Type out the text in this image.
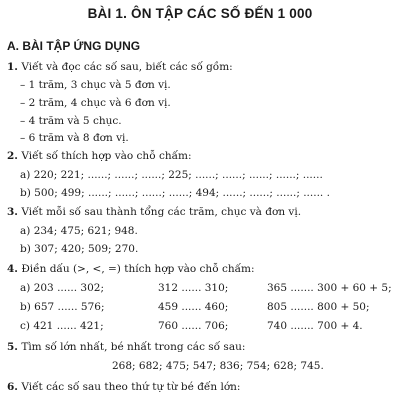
BÀI 1. ÔN TẬP CÁC SỐ ĐẾN 1 000
A. BÀI TẬP ỨNG DỤNG
1. Viết và đọc các số sau, biết các số gồm:
– 1 trăm, 3 chục và 5 đơn vị.
– 2 trăm, 4 chục và 6 đơn vị.
– 4 trăm và 5 chục.
– 6 trăm và 8 đơn vị.
2. Viết số thích hợp vào chỗ chấm:
a) 220; 221; ......; ......; ......; 225; ......; ......; ......; ......; ......
b) 500; 499; ......; ......; ......; ......; 494; ......; ......; ......; ...... .
3. Viết mỗi số sau thành tổng các trăm, chục và đơn vị.
a) 234; 475; 621; 948.
b) 307; 420; 509; 270.
4. Điền dấu (>, <, =) thích hợp vào chỗ chấm:
a) 203 ...... 302;	312 ...... 310;	365 ....... 300 + 60 + 5;
b) 657 ...... 576;	459 ...... 460;	805 ....... 800 + 50;
c) 421 ...... 421;	760 ...... 706;	740 ....... 700 + 4.
5. Tìm số lớn nhất, bé nhất trong các số sau:
268; 682; 475; 547; 836; 754; 628; 745.
6. Viết các số sau theo thứ tự từ bé đến lớn:
